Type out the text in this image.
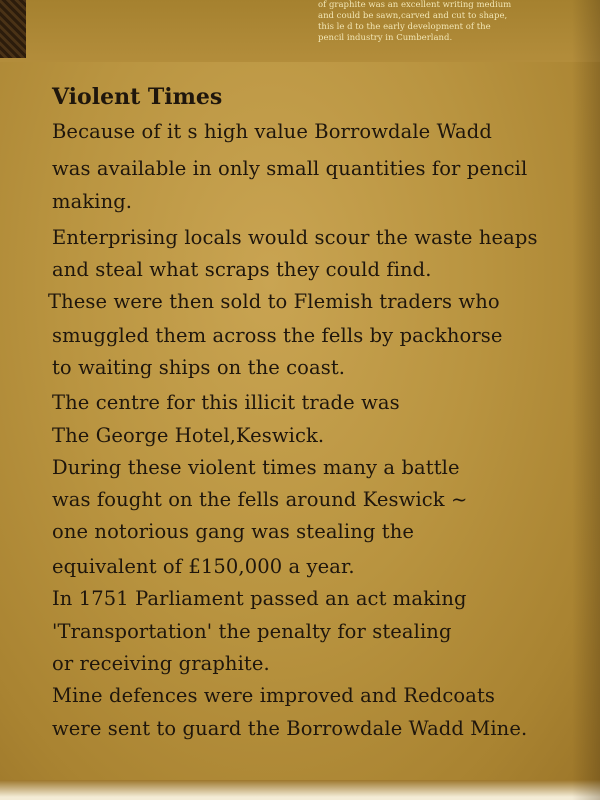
of graphite was an excellent writing medium
and could be sawn,carved and cut to shape,
this le d to the early development of the
pencil industry in Cumberland.
Violent Times
Because of it s high value Borrowdale Wadd
was available in only small quantities for pencil
making.
Enterprising locals would scour the waste heaps
and steal what scraps they could find.
These were then sold to Flemish traders who
smuggled them across the fells by packhorse
to waiting ships on the coast.
The centre for this illicit trade was
The George Hotel,Keswick.
During these violent times many a battle
was fought on the fells around Keswick ~
one notorious gang was stealing the
equivalent of £150,000 a year.
In 1751 Parliament passed an act making
'Transportation' the penalty for stealing
or receiving graphite.
Mine defences were improved and Redcoats
were sent to guard the Borrowdale Wadd Mine.
